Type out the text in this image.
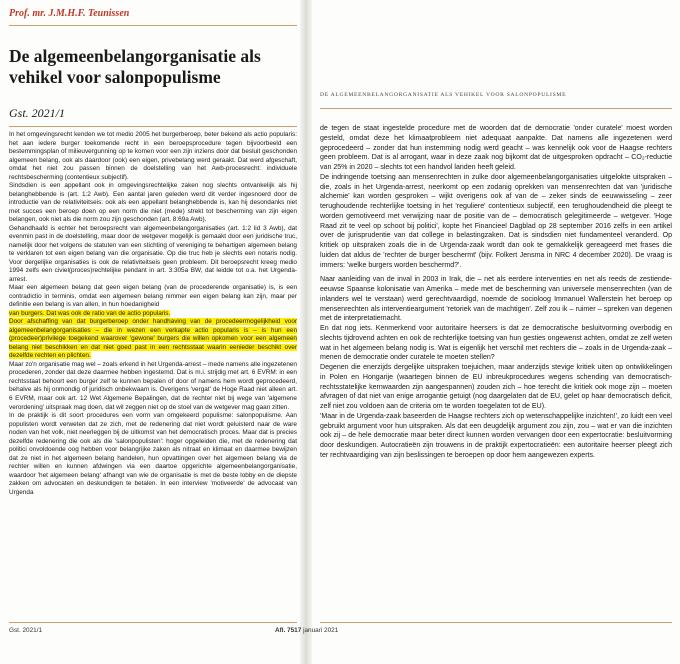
Prof. mr. J.M.H.F. Teunissen
De algemeenbelangorganisatie als vehikel voor salonpopulisme
Gst. 2021/1
DE ALGEMEENBELANGORGANISATIE ALS VEHIKEL VOOR SALONPOPULISME

In het omgevingsrecht kenden we tot medio 2005 het burgerberoep, beter bekend als actio popularis: het aan iedere burger toekomende recht in een beroepsprocedure tegen bijvoorbeeld een bestemmingsplan of milieuvergunning op te komen voor een zijn inziens door dat besluit geschonden algemeen belang, ook als daardoor (ook) een eigen, privebelang werd geraakt. Dat werd afgeschaft, omdat het niet zou passen binnen de doelstelling van het Awb-procesrecht: individuele rechtsbescherming (contentieux subjectif).

Sindsdien is een appellant ook in omgevingsrechtelijke zaken nog slechts ontvankelijk als hij belanghebbende is (art. 1:2 Awb). Een aantal jaren geleden werd dit verder ingesnoerd door de introductie van de relativiteitseis: ook als een appellant belanghebbende is, kan hij desondanks niet met succes een beroep doen op een norm die niet (mede) strekt tot bescherming van zijn eigen belangen, ook niet als die norm zou zijn geschonden (art. 8:69a Awb).

Gehandhaafd is echter het beroepsrecht van algemeenbelangorganisaties (art. 1:2 lid 3 Awb), dat evenmin past in de doelstelling, maar door de wetgever mogelijk is gemaakt door een juridische truc, namelijk door het volgens de statuten van een stichting of vereniging te behartigen algemeen belang te verklaren tot een eigen belang van die organisatie. Op die truc heb je slechts een notaris nodig. Voor dergelijke organisaties is ook de relativiteitseis geen probleem. Dit beroepsrecht kreeg medio 1994 zelfs een civiel(proces)rechtelijke pendant in art. 3:305a BW, dat leidde tot o.a. het Urgenda-arrest.

Maar een algemeen belang dat geen eigen belang (van de procederende organisatie) is, is een contradictio in terminis, omdat een algemeen belang nimmer een eigen belang kan zijn, maar per definitie een belang is van allen, in hun hoedanigheid

van burgers. Dat was ook de ratio van de actio popularis.

Door afschaffing van dat burgerberoep onder handhaving van de procedeermogelijkheid voor algemeenbelangorganisaties – die in wezen een verkapte actio popularis is – is hun een (procedeer)privilege toegekend waarover 'gewone' burgers die willen opkomen voor een algemeen belang niet beschikken en dat niet goed past in een rechtsstaat waarin eenieder beschikt over dezelfde rechten en plichten.

Maar zo'n organisatie mag wel – zoals erkend in het Urgenda-arrest – mede namens alle ingezetenen procederen, zonder dat deze daarmee hebben ingestemd. Dat is m.i. strijdig met art. 6 EVRM: in een rechtsstaat behoort een burger zelf te kunnen bepalen of door of namens hem wordt geprocedeerd, behalve als hij onmondig of juridisch onbekwaam is. Overigens 'vergat' de Hoge Raad niet alleen art. 6 EVRM, maar ook art. 12 Wet Algemene Bepalingen, dat de rechter niet bij wege van 'algemene verordening' uitspraak mag doen, dat wil zeggen niet op de stoel van de wetgever mag gaan zitten.

In de praktijk is dit soort procedures een vorm van omgekeerd populisme: salonpopulisme. Aan populisten wordt verweten dat ze zich, met de redenering dat niet wordt geluisterd naar de ware noden van het volk, niet neerleggen bij de uitkomst van het democratisch proces. Maar dat is precies dezelfde redenering die ook als die 'salonpopulisten': hoger opgeleiden die, met de redenering dat politici onvoldoende oog hebben voor belangrijke zaken als nitraat en klimaat en daarmee bewijzen dat ze niet in het algemeen belang handelen, hun opvattingen over het algemeen belang via de rechter willen en kunnen afdwingen via een daartoe opgerichte algemeenbelangorganisatie, waardoor 'het algemeen belang' afhangt van wie de organisatie is met de beste lobby en de diepste zakken om advocaten en deskundigen te betalen. In een interview 'motiveerde' de advocaat van Urgenda

de tegen de staat ingestelde procedure met de woorden dat de democratie 'onder curatele' moest worden gesteld, omdat deze het klimaatprobleem niet adequaat aanpakte. Dat namens alle ingezetenen werd geprocedeerd – zonder dat hun instemming nodig werd geacht – was kennelijk ook voor de Haagse rechters geen probleem. Dat is al arrogant, waar in deze zaak nog bijkomt dat de uitgesproken opdracht – CO₂-reductie van 25% in 2020 – slechts tot een handvol landen heeft geleid.

De indringende toetsing aan mensenrechten in zulke door algemeenbelangorganisaties uitgelokte uitspraken – die, zoals in het Urgenda-arrest, neerkomt op een zodanig oprekken van mensenrechten dat van 'juridische alchemie' kan worden gesproken – wijkt overigens ook af van de – zeker sinds de eeuwwisseling – zeer terughoudende rechterlijke toetsing in het 'reguliere' contentieux subjectif, een terughoudendheid die pleegt te worden gemotiveerd met verwijzing naar de positie van de – democratisch gelegitimeerde – wetgever. 'Hoge Raad zit te veel op schoot bij politici', kopte het Financieel Dagblad op 28 september 2016 zelfs in een artikel over de jurisprudentie van dat college in belastingzaken. Dat is sindsdien niet fundamenteel veranderd. Op kritiek op uitspraken zoals die in de Urgenda-zaak wordt dan ook te gemakkelijk gereageerd met frases die luiden dat aldus de 'rechter de burger beschermt' (bijv. Folkert Jensma in NRC 4 december 2020). De vraag is immers: 'welke burgers worden beschermd?'.

Naar aanleiding van de inval in 2003 in Irak, die – net als eerdere interventies en net als reeds de zestiende-eeuwse Spaanse kolonisatie van Amerika – mede met de bescherming van universele mensenrechten (van de inlanders wel te verstaan) werd gerechtvaardigd, noemde de socioloog Immanuel Wallerstein het beroep op mensenrechten als interventieargument 'retoriek van de machtigen'. Zelf zou ik – ruimer – spreken van degenen met de interpretatiemacht.

En dat nog iets. Kenmerkend voor autoritaire heersers is dat ze democratische besluitvorming overbodig en slechts tijdrovend achten en ook de rechterlijke toetsing van hun gesties ongewenst achten, omdat ze zelf weten wat in het algemeen belang nodig is. Wat is eigenlijk het verschil met rechters die – zoals in de Urgenda-zaak – menen de democratie onder curatele te moeten stellen?

Degenen die enerzijds dergelijke uitspraken toejuichen, maar anderzijds stevige kritiek uiten op ontwikkelingen in Polen en Hongarije (waartegen binnen de EU inbreukprocedures wegens schending van democratisch-rechtsstatelijke kernwaarden zijn aangespannen) zouden zich – hoe terecht die kritiek ook moge zijn – moeten afvragen of dat niet van enige arrogantie getuigt (nog daargelaten dat de EU, gelet op haar democratisch deficit, zelf niet zou voldoen aan de criteria om te worden toegelaten tot de EU).

'Maar in de Urgenda-zaak baseerden de Haagse rechters zich op wetenschappelijke inzichten!', zo luidt een veel gebruikt argument voor hun uitspraken. Als dat een deugdelijk argument zou zijn, zou – wat er van die inzichten ook zij – de hele democratie maar beter direct kunnen worden vervangen door een expertocratie: besluitvorming door deskundigen. Autocratieën zijn trouwens in de praktijk expertocratieën: een autoritaire heerser pleegt zich ter rechtvaardiging van zijn beslissingen te beroepen op door hem aangewezen experts.

Gst. 2021/1	Afl. 7517 januari 2021
